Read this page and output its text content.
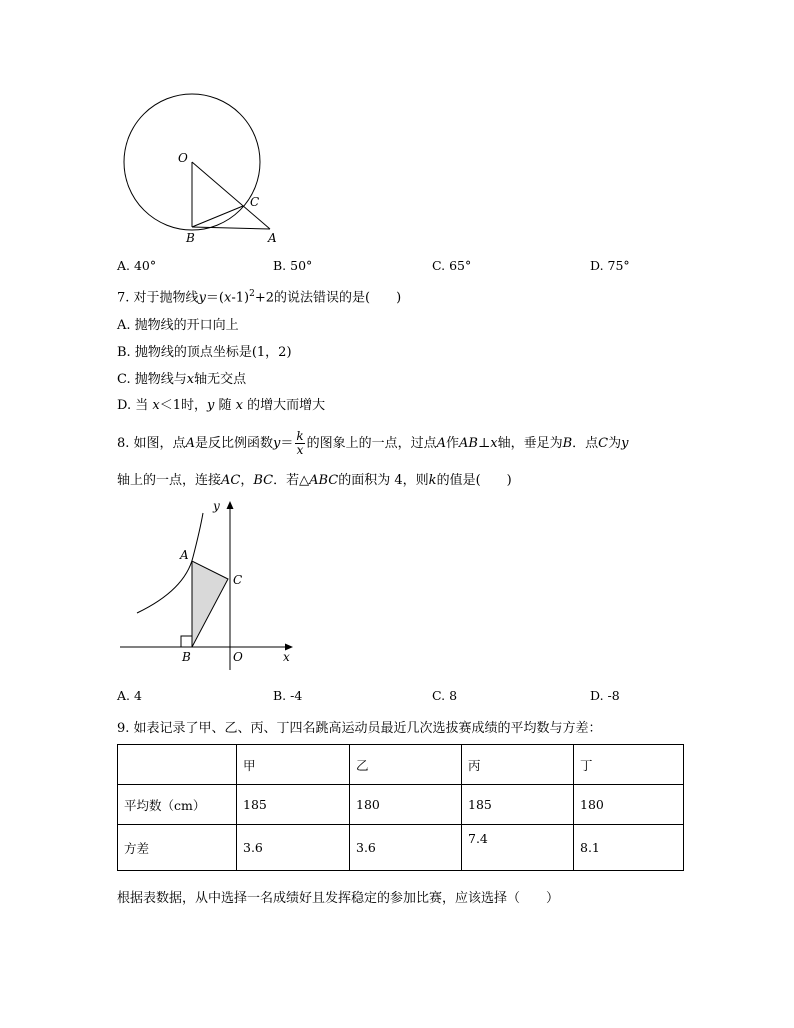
O
C
B	A
A. 40°	B. 50°	C. 65°	D. 75°
7. 对于抛物线$y=(x-1)^2+2$的说法错误的是(　　)
A. 抛物线的开口向上
B. 抛物线的顶点坐标是(1，2)
C. 抛物线与x轴无交点
D. 当 x＜1时，y 随 x 的增大而增大
8. 如图，点A是反比例函数$y= \frac{k}{x}$ 的图象上的一点，过点A作AB⊥x轴，垂足为B．点C为y
轴上的一点，连接AC，BC．若△ABC的面积为 4，则k的值是(　　)
y
A
C
B	O	x
A. 4	B. -4	C. 8	D. -8
9. 如表记录了甲、乙、丙、丁四名跳高运动员最近几次选拔赛成绩的平均数与方差：
	甲	乙	丙	丁
平均数（cm）	185	180	185	180
方差	3.6	3.6	7.4	8.1
根据表数据，从中选择一名成绩好且发挥稳定的参加比赛，应该选择（　　）
